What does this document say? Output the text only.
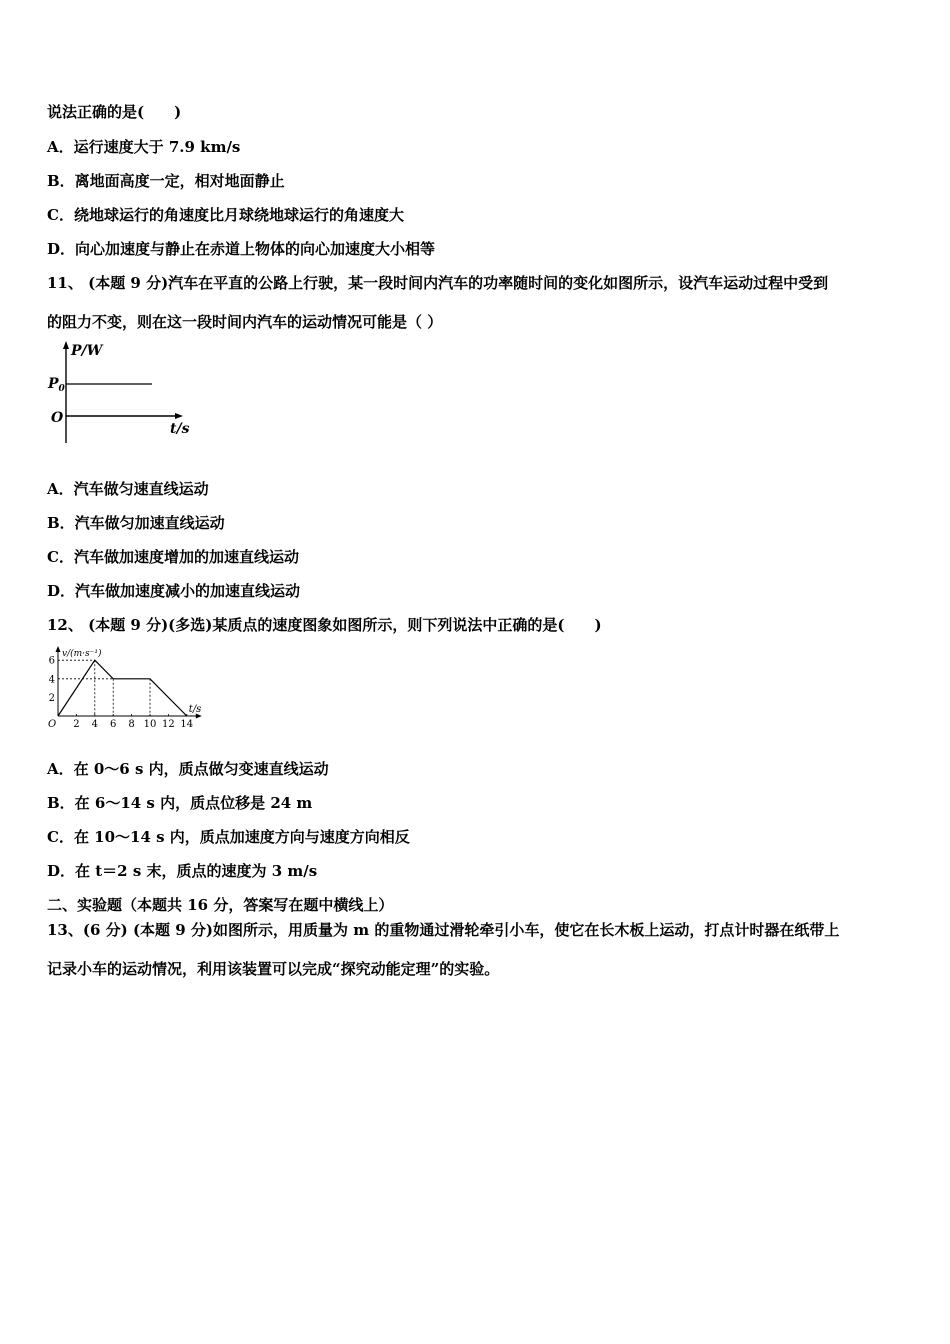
说法正确的是(　　)
A．运行速度大于 7.9 km/s
B．离地面高度一定，相对地面静止
C．绕地球运行的角速度比月球绕地球运行的角速度大
D．向心加速度与静止在赤道上物体的向心加速度大小相等
11、 (本题 9 分)汽车在平直的公路上行驶，某一段时间内汽车的功率随时间的变化如图所示，设汽车运动过程中受到
的阻力不变，则在这一段时间内汽车的运动情况可能是（ ）
P/W
$P_0$
O
t/s
A．汽车做匀速直线运动
B．汽车做匀加速直线运动
C．汽车做加速度增加的加速直线运动
D．汽车做加速度减小的加速直线运动
12、 (本题 9 分)(多选)某质点的速度图象如图所示，则下列说法中正确的是(　　)
v/(m·s⁻¹)
t/s
O 2 4 6 8 10 12 14
2
4
6
A．在 0～6 s 内，质点做匀变速直线运动
B．在 6～14 s 内，质点位移是 24 m
C．在 10～14 s 内，质点加速度方向与速度方向相反
D．在 t＝2 s 末，质点的速度为 3 m/s
二、实验题（本题共 16 分，答案写在题中横线上）
13、(6 分) (本题 9 分)如图所示，用质量为 m 的重物通过滑轮牵引小车，使它在长木板上运动，打点计时器在纸带上
记录小车的运动情况，利用该装置可以完成“探究动能定理”的实验。
